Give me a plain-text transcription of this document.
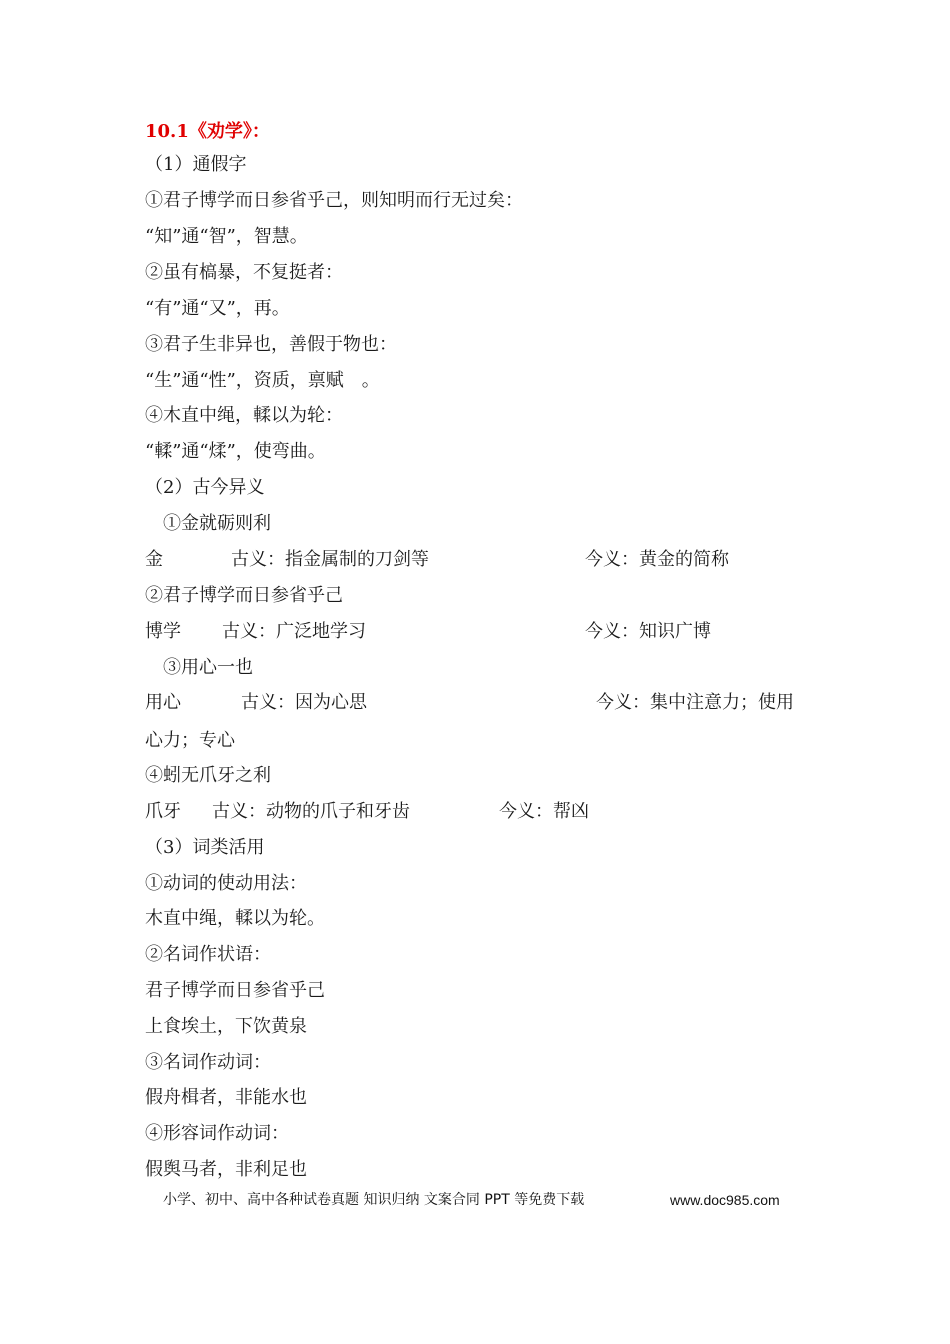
10.1《劝学》：
（1）通假字
①君子博学而日参省乎己，则知明而行无过矣：
“知”通“智”，智慧。
②虽有槁暴，不复挺者：
“有”通“又”，再。
③君子生非异也，善假于物也：
“生”通“性”，资质，禀赋　。
④木直中绳，輮以为轮：
“輮”通“煣”，使弯曲。
（2）古今异义
　①金就砺则利
金	古义：指金属制的刀剑等	今义：黄金的简称
②君子博学而日参省乎己
博学 古义：广泛地学习	今义：知识广博
　③用心一也
用心	古义：因为心思	今义：集中注意力；使用
心力；专心
④蚓无爪牙之利
爪牙 古义：动物的爪子和牙齿	今义：帮凶
（3）词类活用
①动词的使动用法：
木直中绳，輮以为轮。
②名词作状语：
君子博学而日参省乎己
上食埃土，下饮黄泉
③名词作动词：
假舟楫者，非能水也
④形容词作动词：
假舆马者，非利足也
小学、初中、高中各种试卷真题 知识归纳 文案合同 PPT 等免费下载	www.doc985.com
